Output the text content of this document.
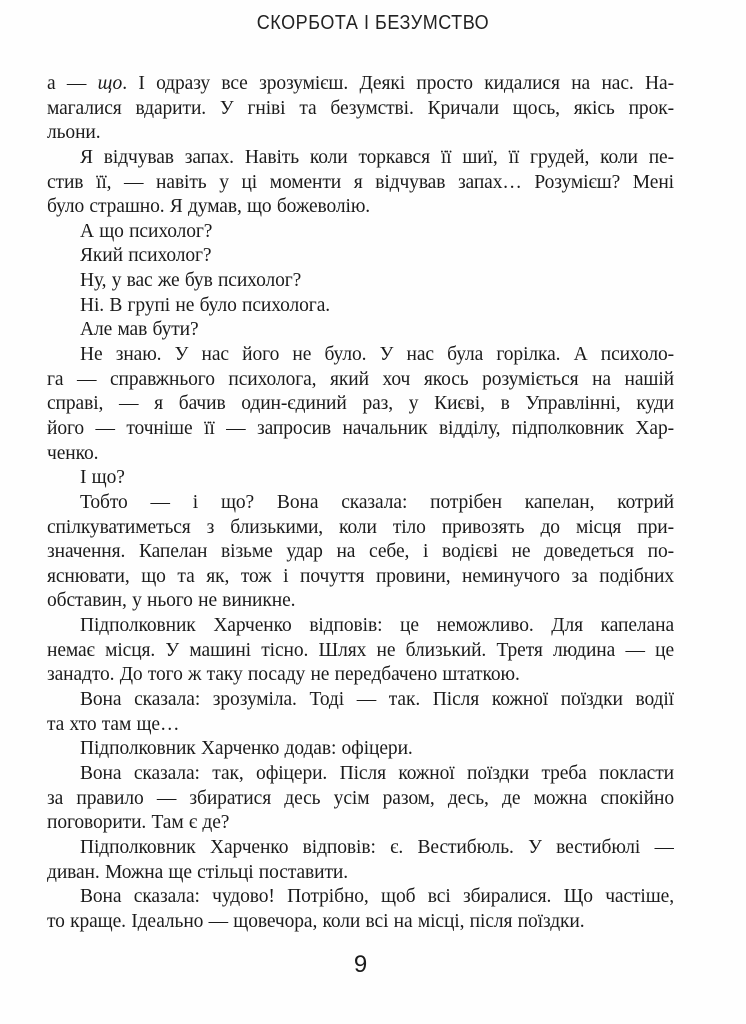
СКОРБОТА І БЕЗУМСТВО
а — що. І одразу все зрозумієш. Деякі просто кидалися на нас. На-
магалися вдарити. У гніві та безумстві. Кричали щось, якісь прок-
льони.
Я відчував запах. Навіть коли торкався її шиї, її грудей, коли пе-
стив її, — навіть у ці моменти я відчував запах… Розумієш? Мені
було страшно. Я думав, що божеволію.
А що психолог?
Який психолог?
Ну, у вас же був психолог?
Ні. В групі не було психолога.
Але мав бути?
Не знаю. У нас його не було. У нас була горілка. А психоло-
га — справжнього психолога, який хоч якось розуміється на нашій
справі, — я бачив один-єдиний раз, у Києві, в Управлінні, куди
його — точніше її — запросив начальник відділу, підполковник Хар-
ченко.
І що?
Тобто — і що? Вона сказала: потрібен капелан, котрий
спілкуватиметься з близькими, коли тіло привозять до місця при-
значення. Капелан візьме удар на себе, і водієві не доведеться по-
яснювати, що та як, тож і почуття провини, неминучого за подібних
обставин, у нього не виникне.
Підполковник Харченко відповів: це неможливо. Для капелана
немає місця. У машині тісно. Шлях не близький. Третя людина — це
занадто. До того ж таку посаду не передбачено штаткою.
Вона сказала: зрозуміла. Тоді — так. Після кожної поїздки водії
та хто там ще…
Підполковник Харченко додав: офіцери.
Вона сказала: так, офіцери. Після кожної поїздки треба покласти
за правило — збиратися десь усім разом, десь, де можна спокійно
поговорити. Там є де?
Підполковник Харченко відповів: є. Вестибюль. У вестибюлі —
диван. Можна ще стільці поставити.
Вона сказала: чудово! Потрібно, щоб всі збиралися. Що частіше,
то краще. Ідеально — щовечора, коли всі на місці, після поїздки.
9
